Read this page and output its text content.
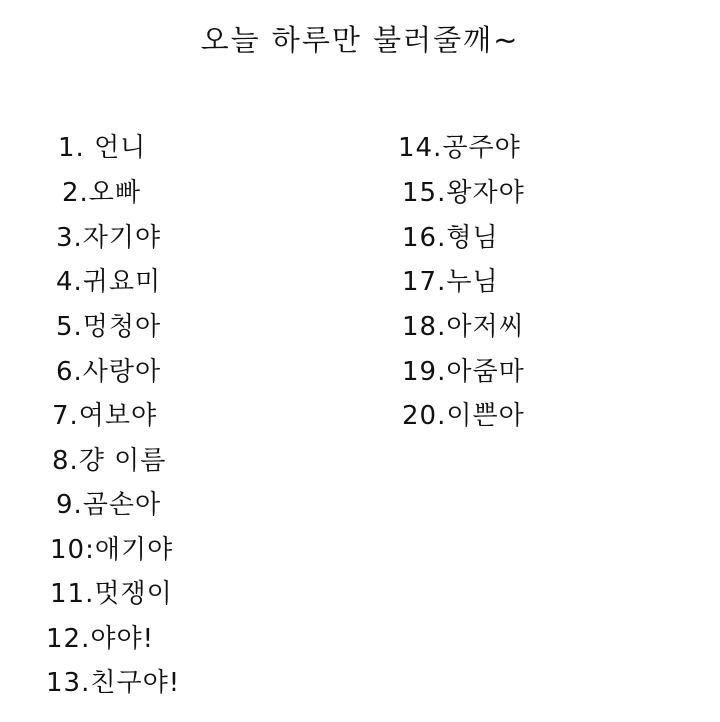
오늘 하루만 불러줄깨~
1. 언니
2.오빠
3.자기야
4.귀요미
5.멍청아
6.사랑아
7.여보야
8.걍 이름
9.곰손아
10:애기야
11.멋쟁이
12.야야!
13.친구야!
14.공주야
15.왕자야
16.형님
17.누님
18.아저씨
19.아줌마
20.이쁜아
